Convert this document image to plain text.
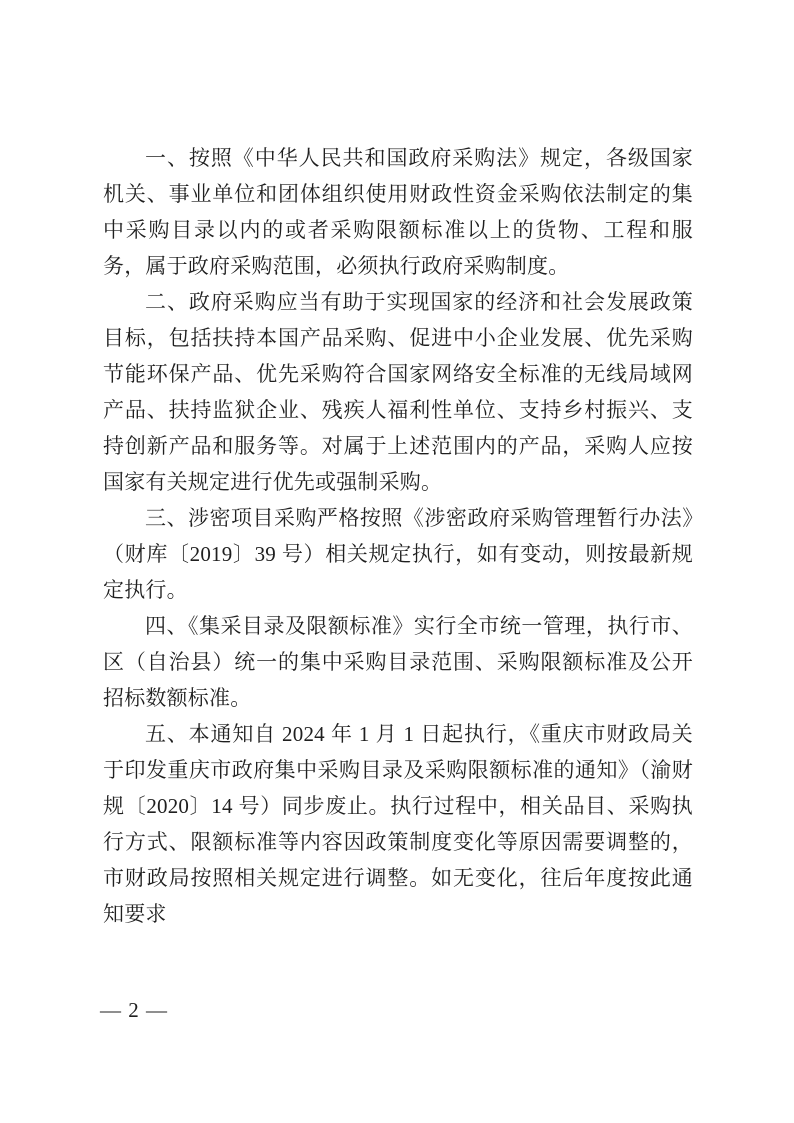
一、按照《中华人民共和国政府采购法》规定，各级国家机关、事业单位和团体组织使用财政性资金采购依法制定的集中采购目录以内的或者采购限额标准以上的货物、工程和服务，属于政府采购范围，必须执行政府采购制度。

二、政府采购应当有助于实现国家的经济和社会发展政策目标，包括扶持本国产品采购、促进中小企业发展、优先采购节能环保产品、优先采购符合国家网络安全标准的无线局域网产品、扶持监狱企业、残疾人福利性单位、支持乡村振兴、支持创新产品和服务等。对属于上述范围内的产品，采购人应按国家有关规定进行优先或强制采购。

三、涉密项目采购严格按照《涉密政府采购管理暂行办法》（财库〔2019〕39 号）相关规定执行，如有变动，则按最新规定执行。

四、《集采目录及限额标准》实行全市统一管理，执行市、区（自治县）统一的集中采购目录范围、采购限额标准及公开招标数额标准。

五、本通知自 2024 年 1 月 1 日起执行，《重庆市财政局关于印发重庆市政府集中采购目录及采购限额标准的通知》（渝财规〔2020〕14 号）同步废止。执行过程中，相关品目、采购执行方式、限额标准等内容因政策制度变化等原因需要调整的，市财政局按照相关规定进行调整。如无变化，往后年度按此通知要求

— 2 —
